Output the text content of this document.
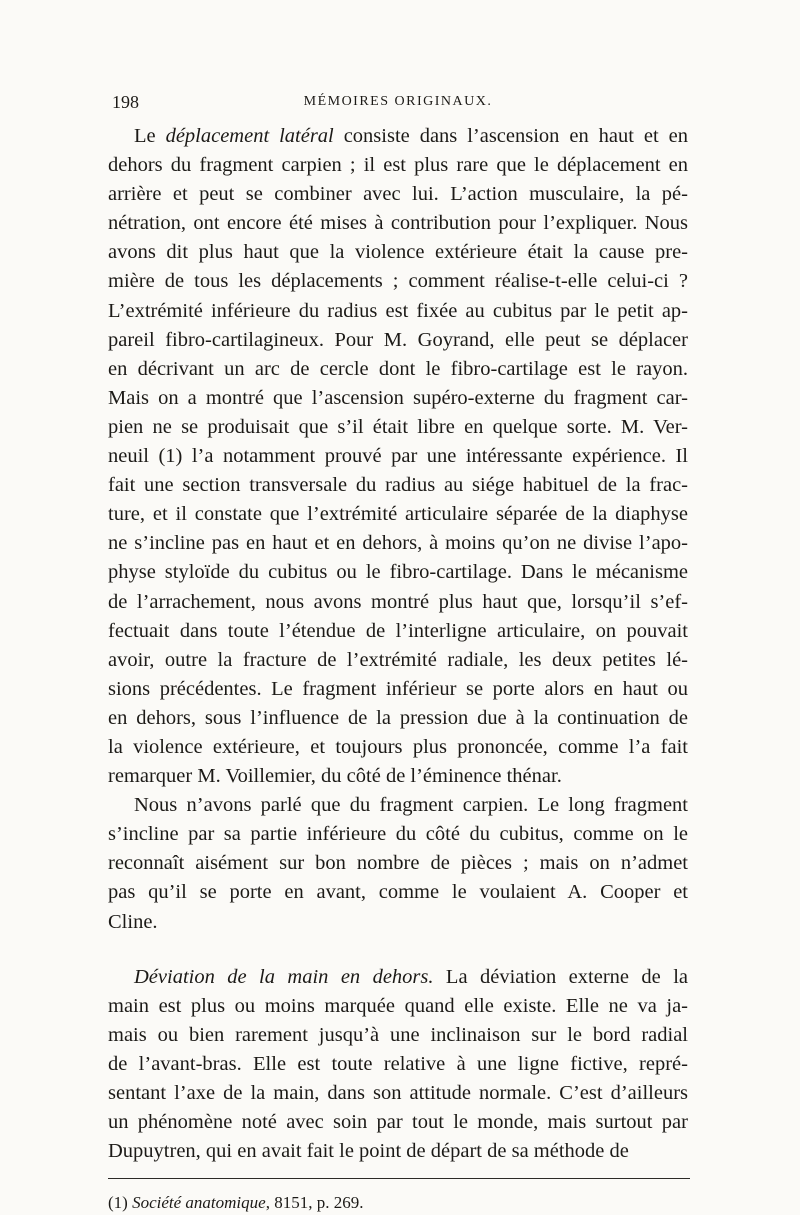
198	MÉMOIRES ORIGINAUX.
Le déplacement latéral consiste dans l’ascension en haut et en
dehors du fragment carpien ; il est plus rare que le déplacement en
arrière et peut se combiner avec lui. L’action musculaire, la pé-
nétration, ont encore été mises à contribution pour l’expliquer. Nous
avons dit plus haut que la violence extérieure était la cause pre-
mière de tous les déplacements ; comment réalise-t-elle celui-ci ?
L’extrémité inférieure du radius est fixée au cubitus par le petit ap-
pareil fibro-cartilagineux. Pour M. Goyrand, elle peut se déplacer
en décrivant un arc de cercle dont le fibro-cartilage est le rayon.
Mais on a montré que l’ascension supéro-externe du fragment car-
pien ne se produisait que s’il était libre en quelque sorte. M. Ver-
neuil (1) l’a notamment prouvé par une intéressante expérience. Il
fait une section transversale du radius au siége habituel de la frac-
ture, et il constate que l’extrémité articulaire séparée de la diaphyse
ne s’incline pas en haut et en dehors, à moins qu’on ne divise l’apo-
physe styloïde du cubitus ou le fibro-cartilage. Dans le mécanisme
de l’arrachement, nous avons montré plus haut que, lorsqu’il s’ef-
fectuait dans toute l’étendue de l’interligne articulaire, on pouvait
avoir, outre la fracture de l’extrémité radiale, les deux petites lé-
sions précédentes. Le fragment inférieur se porte alors en haut ou
en dehors, sous l’influence de la pression due à la continuation de
la violence extérieure, et toujours plus prononcée, comme l’a fait
remarquer M. Voillemier, du côté de l’éminence thénar.
Nous n’avons parlé que du fragment carpien. Le long fragment
s’incline par sa partie inférieure du côté du cubitus, comme on le
reconnaît aisément sur bon nombre de pièces ; mais on n’admet
pas qu’il se porte en avant, comme le voulaient A. Cooper et
Cline.
Déviation de la main en dehors. La déviation externe de la
main est plus ou moins marquée quand elle existe. Elle ne va ja-
mais ou bien rarement jusqu’à une inclinaison sur le bord radial
de l’avant-bras. Elle est toute relative à une ligne fictive, repré-
sentant l’axe de la main, dans son attitude normale. C’est d’ailleurs
un phénomène noté avec soin par tout le monde, mais surtout par
Dupuytren, qui en avait fait le point de départ de sa méthode de
(1) Société anatomique, 8151, p. 269.
